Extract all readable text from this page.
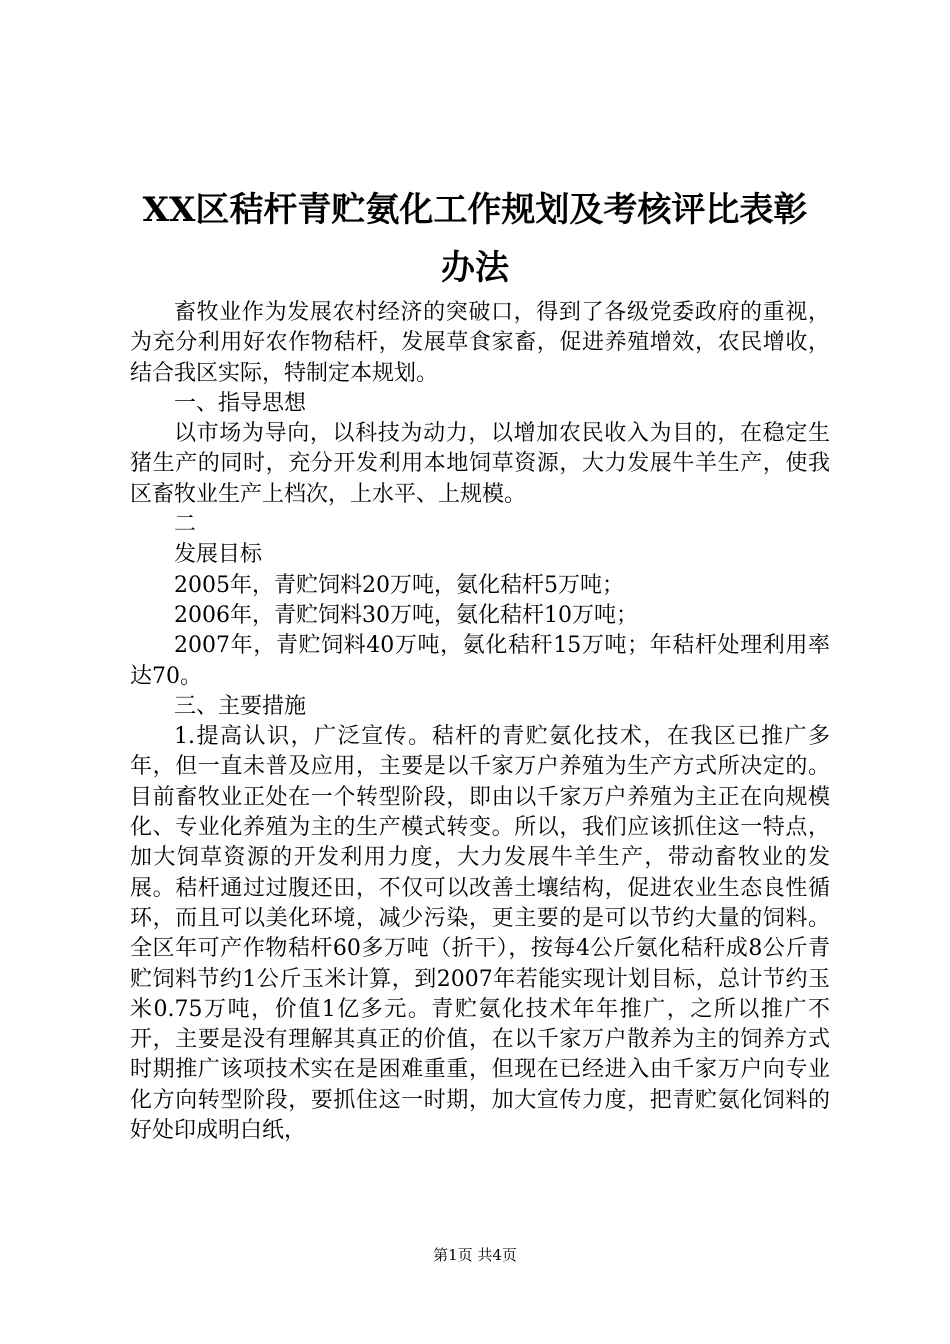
XX区秸杆青贮氨化工作规划及考核评比表彰
办法

畜牧业作为发展农村经济的突破口，得到了各级党委政府的重视，为充分利用好农作物秸杆，发展草食家畜，促进养殖增效，农民增收，结合我区实际，特制定本规划。

一、指导思想

以市场为导向，以科技为动力，以增加农民收入为目的，在稳定生猪生产的同时，充分开发利用本地饲草资源，大力发展牛羊生产，使我区畜牧业生产上档次，上水平、上规模。

二

发展目标

2005年，青贮饲料20万吨，氨化秸杆5万吨；

2006年，青贮饲料30万吨，氨化秸杆10万吨；

2007年，青贮饲料40万吨，氨化秸秆15万吨；年秸杆处理利用率达70。

三、主要措施

1.提高认识，广泛宣传。秸杆的青贮氨化技术，在我区已推广多年，但一直未普及应用，主要是以千家万户养殖为生产方式所决定的。目前畜牧业正处在一个转型阶段，即由以千家万户养殖为主正在向规模化、专业化养殖为主的生产模式转变。所以，我们应该抓住这一特点，加大饲草资源的开发利用力度，大力发展牛羊生产，带动畜牧业的发展。秸杆通过过腹还田，不仅可以改善土壤结构，促进农业生态良性循环，而且可以美化环境，减少污染，更主要的是可以节约大量的饲料。全区年可产作物秸杆60多万吨（折干），按每4公斤氨化秸秆成8公斤青贮饲料节约1公斤玉米计算，到2007年若能实现计划目标，总计节约玉米0.75万吨，价值1亿多元。青贮氨化技术年年推广，之所以推广不开，主要是没有理解其真正的价值，在以千家万户散养为主的饲养方式时期推广该项技术实在是困难重重，但现在已经进入由千家万户向专业化方向转型阶段，要抓住这一时期，加大宣传力度，把青贮氨化饲料的好处印成明白纸，

第1页 共4页
